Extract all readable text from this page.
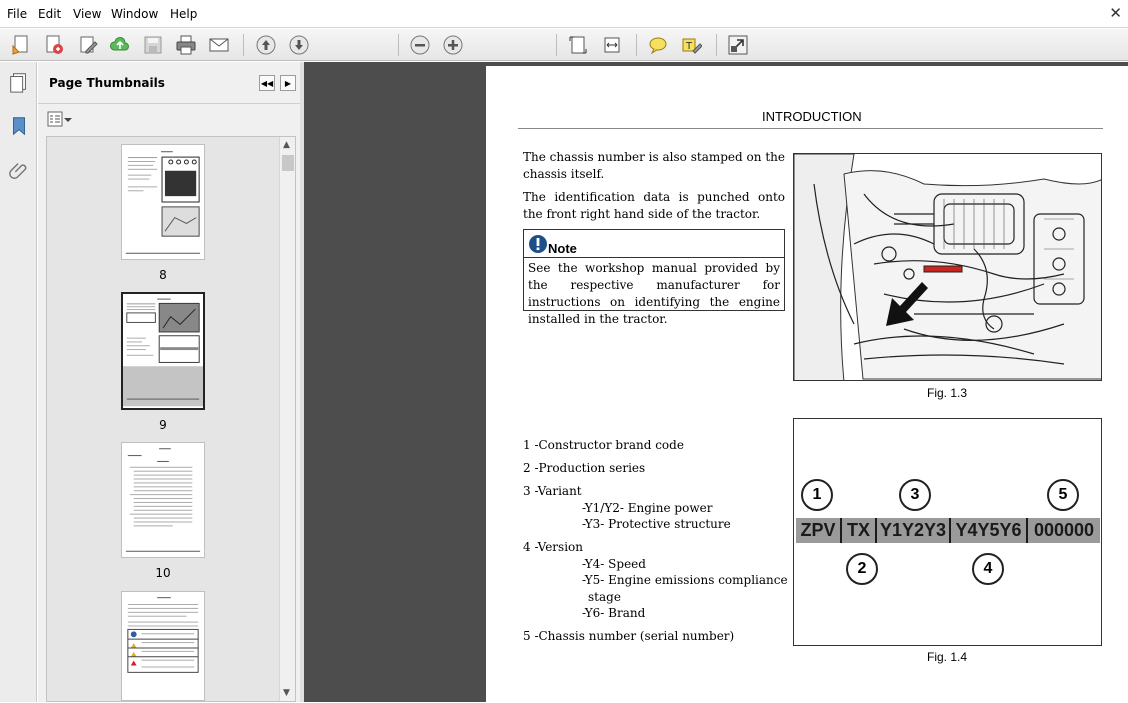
File Edit View Window Help	✕
T
Page Thumbnails	◀◀	▶
8
9
10
▲
▼
INTRODUCTION
The chassis number is also stamped on the chassis itself.
The identification data is punched onto the front right hand side of the tractor.
Note
See the workshop manual provided by the respective manufacturer for instructions on identifying the engine installed in the tractor.
Fig. 1.3
1 -Constructor brand code
2 -Production series
3 -Variant
-Y1/Y2- Engine power
-Y3- Protective structure
4 -Version
-Y4- Speed
-Y5- Engine emissions compliance
stage
-Y6- Brand
5 -Chassis number (serial number)
1	3	5
ZPV TX Y1Y2Y3 Y4Y5Y6 000000
2	4
Fig. 1.4
